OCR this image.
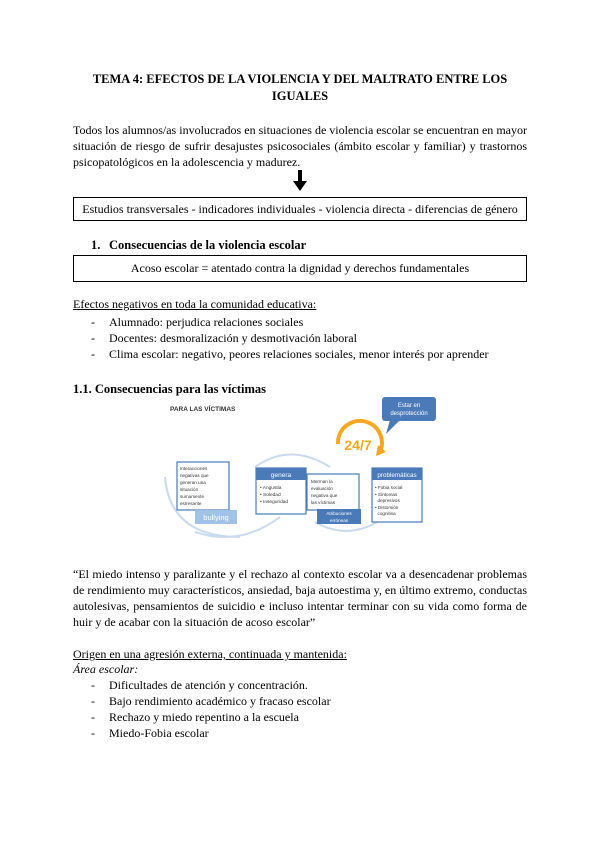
TEMA 4: EFECTOS DE LA VIOLENCIA Y DEL MALTRATO ENTRE LOS IGUALES
Todos los alumnos/as involucrados en situaciones de violencia escolar se encuentran en mayor situación de riesgo de sufrir desajustes psicosociales (ámbito escolar y familiar) y trastornos psicopatológicos en la adolescencia y madurez.
Estudios transversales - indicadores individuales - violencia directa - diferencias de género
1. Consecuencias de la violencia escolar
Acoso escolar = atentado contra la dignidad y derechos fundamentales
Efectos negativos en toda la comunidad educativa:
- Alumnado: perjudica relaciones sociales
- Docentes: desmoralización y desmotivación laboral
- Clima escolar: negativo, peores relaciones sociales, menor interés por aprender
1.1. Consecuencias para las víctimas
PARA LAS VÍCTIMAS	Estar en
desprotección
24/7
Interacciones
negativas que
generan una
situación
sumamente
estresante
bullying
genera
• Angustia
• Soledad
• Inseguridad
Merman la
evaluación
negativa que
las víctimas
Atribuciones
erróneas
problemáticas
• Fobia social
• Síntomas
depresivos
• Distorsión
cognitiva
“El miedo intenso y paralizante y el rechazo al contexto escolar va a desencadenar problemas de rendimiento muy característicos, ansiedad, baja autoestima y, en último extremo, conductas autolesivas, pensamientos de suicidio e incluso intentar terminar con su vida como forma de huir y de acabar con la situación de acoso escolar”
Origen en una agresión externa, continuada y mantenida:
Área escolar:
- Dificultades de atención y concentración.
- Bajo rendimiento académico y fracaso escolar
- Rechazo y miedo repentino a la escuela
- Miedo-Fobia escolar
